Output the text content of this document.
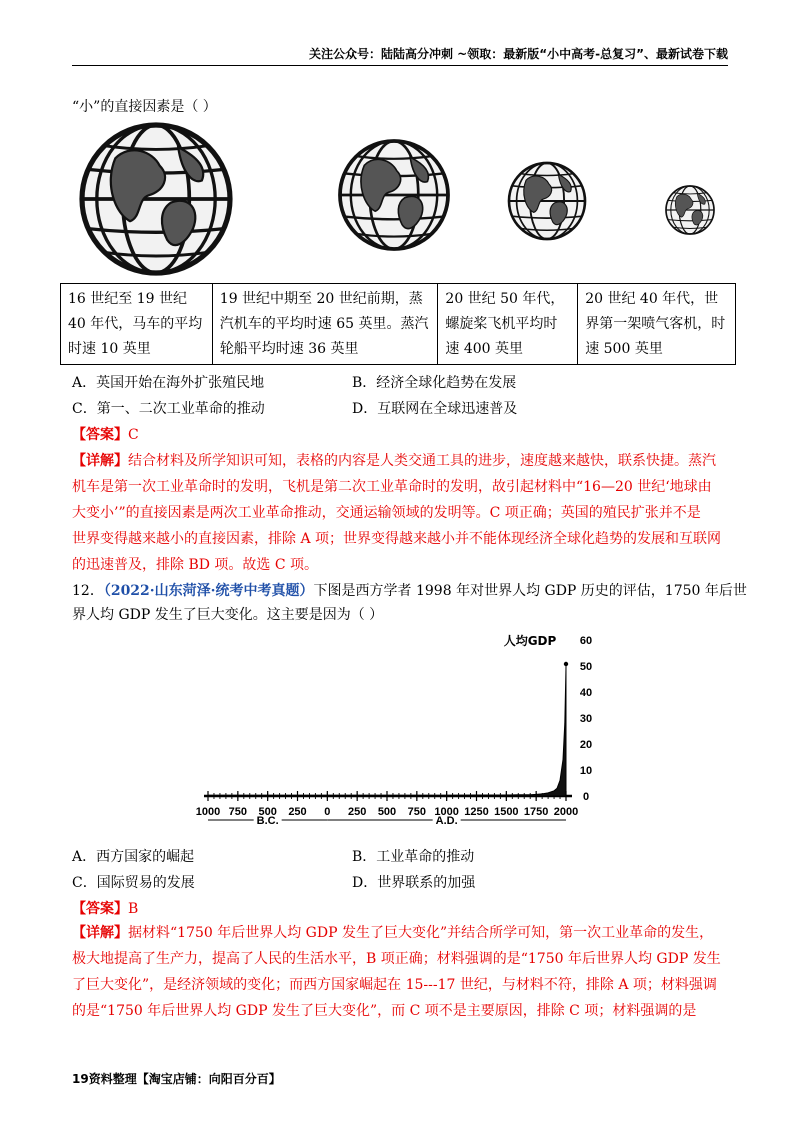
关注公众号：陆陆高分冲刺 ~领取：最新版“小中高考-总复习”、最新试卷下载
“小”的直接因素是（ ）
16 世纪至 19 世纪 40 年代，马车的平均时速 10 英里	19 世纪中期至 20 世纪前期，蒸汽机车的平均时速 65 英里。蒸汽轮船平均时速 36 英里	20 世纪 50 年代，螺旋桨飞机平均时速 400 英里	20 世纪 40 年代，世界第一架喷气客机，时速 500 英里
A．英国开始在海外扩张殖民地	B．经济全球化趋势在发展
C．第一、二次工业革命的推动	D．互联网在全球迅速普及
【答案】C
【详解】结合材料及所学知识可知，表格的内容是人类交通工具的进步，速度越来越快，联系快捷。蒸汽
机车是第一次工业革命时的发明，飞机是第二次工业革命时的发明，故引起材料中“16—20 世纪‘地球由
大变小’”的直接因素是两次工业革命推动，交通运输领域的发明等。C 项正确；英国的殖民扩张并不是
世界变得越来越小的直接因素，排除 A 项；世界变得越来越小并不能体现经济全球化趋势的发展和互联网
的迅速普及，排除 BD 项。故选 C 项。
12．（2022·山东菏泽·统考中考真题）下图是西方学者 1998 年对世界人均 GDP 历史的评估，1750 年后世
界人均 GDP 发生了巨大变化。这主要是因为（ ）
1000 750 500 250 0 250 500 750 1000 1250 1500 1750 2000
B.C.	A.D.
0
10
20
30
40
50
60
人均GDP
A．西方国家的崛起	B．工业革命的推动
C．国际贸易的发展	D．世界联系的加强
【答案】B
【详解】据材料“1750 年后世界人均 GDP 发生了巨大变化”并结合所学可知，第一次工业革命的发生，
极大地提高了生产力，提高了人民的生活水平，B 项正确；材料强调的是“1750 年后世界人均 GDP 发生
了巨大变化”，是经济领域的变化；而西方国家崛起在 15---17 世纪，与材料不符，排除 A 项；材料强调
的是“1750 年后世界人均 GDP 发生了巨大变化”，而 C 项不是主要原因，排除 C 项；材料强调的是
19资料整理【淘宝店铺：向阳百分百】
